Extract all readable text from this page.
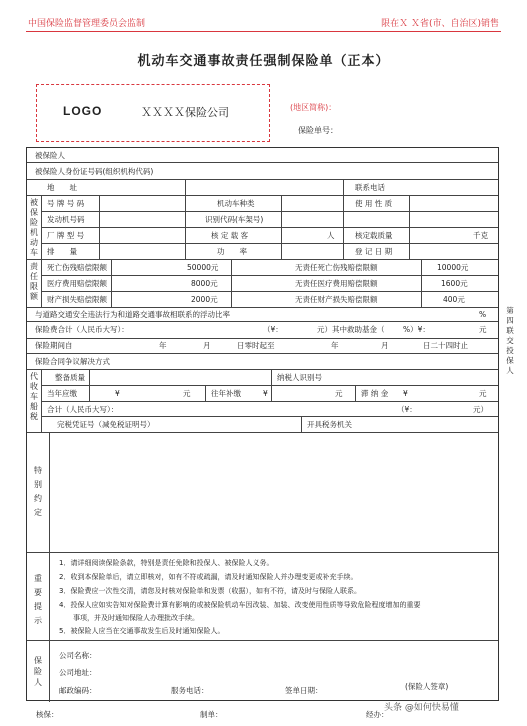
中国保险监督管理委员会监制	限在Ｘ Ｘ省(市、自治区)销售
机动车交通事故责任强制保险单（正本）
LOGO	ＸＸＸＸ保险公司	(地区简称)：
保险单号：
被保险人
被保险人身份证号码(组织机构代码)
地　　址	联系电话
被保险机动车
号 牌 号 码	机动车种类	使 用 性 质
发动机号码	识别代码(车架号)
厂 牌 型 号	核 定 载 客	人	核定载质量	千克
排　　量	功　　率	登 记 日 期
责任限额
死亡伤残赔偿限额	50000元	无责任死亡伤残赔偿限额	10000元
医疗费用赔偿限额	8000元	无责任医疗费用赔偿限额	1600元
财产损失赔偿限额	2000元	无责任财产损失赔偿限额	400元
与道路交通安全违法行为和道路交通事故相联系的浮动比率	%
保险费合计（人民币大写）：	（¥：	元）其中救助基金（ %）¥：	元
保险期间自	年	月	日零时起至	年	月	日二十四时止
保险合同争议解决方式
代收车船税
整备质量	纳税人识别号
当年应缴	¥	元	往年补缴	¥	元 滞 纳 金 ¥	元
合计（人民币大写）：	（¥：	元）
完税凭证号（减免税证明号）	开具税务机关
特别约定
重要提示
1．请详细阅读保险条款，特别是责任免除和投保人、被保险人义务。
2．收到本保险单后，请立即核对，如有不符或疏漏，请及时通知保险人并办理变更或补充手续。
3．保险费应一次性交清，请您及时核对保险单和发票（收据），如有不符，请及时与保险人联系。
4．投保人应如实告知对保险费计算有影响的或被保险机动车因改装、加装、改变使用性质等导致危险程度增加的重要
　　事项，并及时通知保险人办理批改手续。
5．被保险人应当在交通事故发生后及时通知保险人。
保险人
公司名称：
公司地址：
邮政编码：	服务电话：	签单日期：	(保险人签章)
第四联　交投保人
核保：	制单：	经办：
头条 @如何快易懂
